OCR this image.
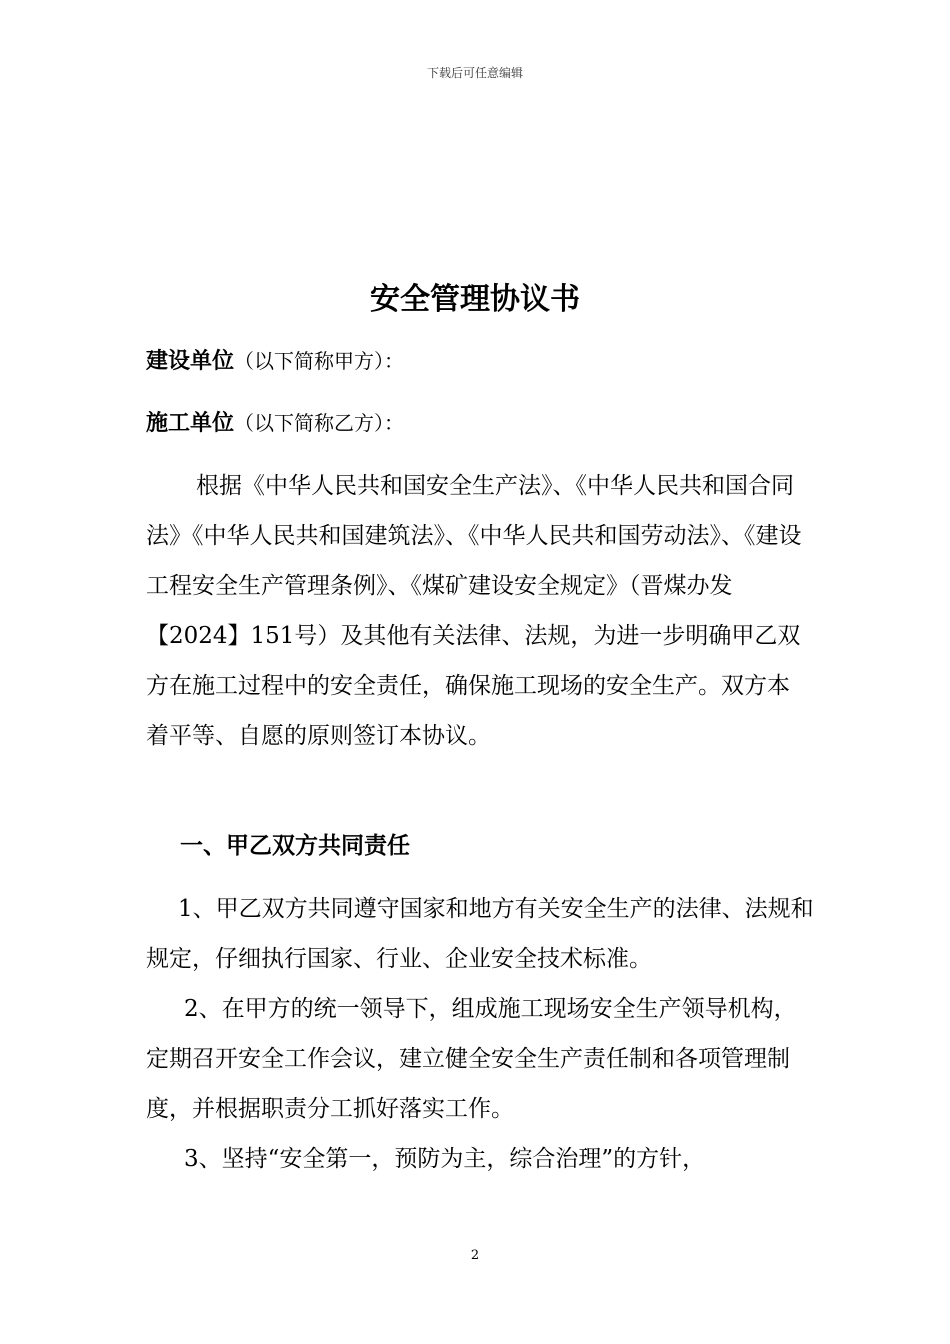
下载后可任意编辑
安全管理协议书
建设单位（以下简称甲方）：
施工单位（以下简称乙方）：

根据《中华人民共和国安全生产法》、《中华人民共和国合同法》《中华人民共和国建筑法》、《中华人民共和国劳动法》、《建设工程安全生产管理条例》、《煤矿建设安全规定》（晋煤办发【2024】151号）及其他有关法律、法规，为进一步明确甲乙双方在施工过程中的安全责任，确保施工现场的安全生产。双方本着平等、自愿的原则签订本协议。

一、甲乙双方共同责任

1、甲乙双方共同遵守国家和地方有关安全生产的法律、法规和规定，仔细执行国家、行业、企业安全技术标准。

2、在甲方的统一领导下，组成施工现场安全生产领导机构，定期召开安全工作会议，建立健全安全生产责任制和各项管理制度，并根据职责分工抓好落实工作。

3、坚持“安全第一，预防为主，综合治理”的方针，

2
